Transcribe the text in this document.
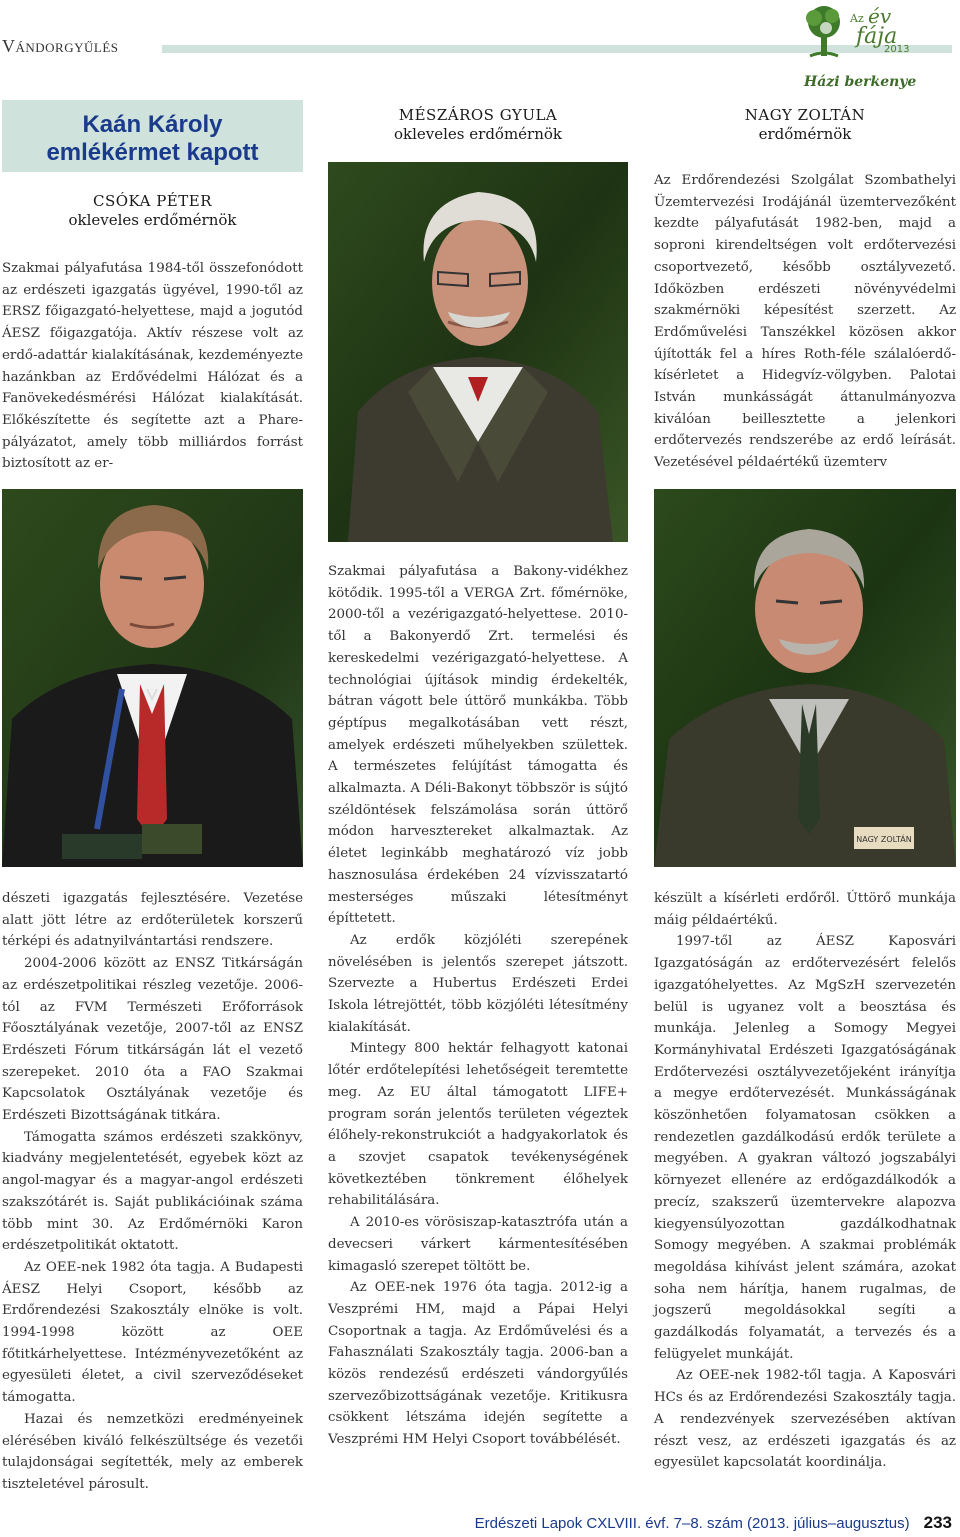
Vándorgyűlés
Az év
fája
2013
Házi berkenye
Kaán Károly
emlékérmet kapott
CSÓKA PÉTER
okleveles erdőmérnök

Szakmai pályafutása 1984-től összefonódott az erdészeti igazgatás ügyével, 1990-től az ERSZ főigazgató-helyettese, majd a jogutód ÁESZ főigazgatója. Aktív részese volt az erdő-adattár kialakításának, kezdeményezte hazánkban az Erdővédelmi Hálózat és a Fanövekedésmérési Hálózat kialakítását. Előkészítette és segítette azt a Phare-pályázatot, amely több milliárdos forrást biztosított az er-

MÉSZÁROS GYULA
okleveles erdőmérnök
NAGY ZOLTÁN
erdőmérnök

Az Erdőrendezési Szolgálat Szombathelyi Üzemtervezési Irodájánál üzemtervezőként kezdte pályafutását 1982-ben, majd a soproni kirendeltségen volt erdőtervezési csoportvezető, később osztályvezető. Időközben erdészeti növényvédelmi szakmérnöki képesítést szerzett. Az Erdőművelési Tanszékkel közösen akkor újították fel a híres Roth-féle szálalóerdő-kísérletet a Hidegvíz-völgyben. Palotai István munkásságát áttanulmányozva kiválóan beillesztette a jelenkori erdőtervezés rendszerébe az erdő leírását. Vezetésével példaértékű üzemterv

NAGY ZOLTÁN

dészeti igazgatás fejlesztésére. Vezetése alatt jött létre az erdőterületek korszerű térképi és adatnyilvántartási rendszere.

2004-2006 között az ENSZ Titkárságán az erdészetpolitikai részleg vezetője. 2006-tól az FVM Természeti Erőforrások Főosztályának vezetője, 2007-től az ENSZ Erdészeti Fórum titkárságán lát el vezető szerepeket. 2010 óta a FAO Szakmai Kapcsolatok Osztályának vezetője és Erdészeti Bizottságának titkára.

Támogatta számos erdészeti szakkönyv, kiadvány megjelentetését, egyebek közt az angol-magyar és a magyar-angol erdészeti szakszótárét is. Saját publikációinak száma több mint 30. Az Erdőmérnöki Karon erdészetpolitikát oktatott.

Az OEE-nek 1982 óta tagja. A Budapesti ÁESZ Helyi Csoport, később az Erdőrendezési Szakosztály elnöke is volt. 1994-1998 között az OEE főtitkárhelyettese. Intézményvezetőként az egyesületi életet, a civil szerveződéseket támogatta.

Hazai és nemzetközi eredményeinek elérésében kiváló felkészültsége és vezetői tulajdonságai segítették, mely az emberek tiszteletével párosult.

Szakmai pályafutása a Bakony-vidékhez kötődik. 1995-től a VERGA Zrt. főmérnöke, 2000-től a vezérigazgató-helyettese. 2010-től a Bakonyerdő Zrt. termelési és kereskedelmi vezérigazgató-helyettese. A technológiai újítások mindig érdekelték, bátran vágott bele úttörő munkákba. Több géptípus megalkotásában vett részt, amelyek erdészeti műhelyekben születtek. A természetes felújítást támogatta és alkalmazta. A Déli-Bakonyt többször is sújtó széldöntések felszámolása során úttörő módon harvesztereket alkalmaztak. Az életet leginkább meghatározó víz jobb hasznosulása érdekében 24 vízvisszatartó mesterséges műszaki létesítményt építtetett.

Az erdők közjóléti szerepének növelésében is jelentős szerepet játszott. Szervezte a Hubertus Erdészeti Erdei Iskola létrejöttét, több közjóléti létesítmény kialakítását.

Mintegy 800 hektár felhagyott katonai lőtér erdőtelepítési lehetőségeit teremtette meg. Az EU által támogatott LIFE+ program során jelentős területen végeztek élőhely-rekonstrukciót a hadgyakorlatok és a szovjet csapatok tevékenységének következtében tönkrement élőhelyek rehabilitálására.

A 2010-es vörösiszap-katasztrófa után a devecseri várkert kármentesítésében kimagasló szerepet töltött be.

Az OEE-nek 1976 óta tagja. 2012-ig a Veszprémi HM, majd a Pápai Helyi Csoportnak a tagja. Az Erdőművelési és a Fahasználati Szakosztály tagja. 2006-ban a közös rendezésű erdészeti vándorgyűlés szervezőbizottságának vezetője. Kritikusra csökkent létszáma idején segítette a Veszprémi HM Helyi Csoport továbbélését.

készült a kísérleti erdőről. Úttörő munkája máig példaértékű.

1997-től az ÁESZ Kaposvári Igazgatóságán az erdőtervezésért felelős igazgatóhelyettes. Az MgSzH szervezetén belül is ugyanez volt a beosztása és munkája. Jelenleg a Somogy Megyei Kormányhivatal Erdészeti Igazgatóságának Erdőtervezési osztályvezetőjeként irányítja a megye erdőtervezését. Munkásságának köszönhetően folyamatosan csökken a rendezetlen gazdálkodású erdők területe a megyében. A gyakran változó jogszabályi környezet ellenére az erdőgazdálkodók a precíz, szakszerű üzemtervekre alapozva kiegyensúlyozottan gazdálkodhatnak Somogy megyében. A szakmai problémák megoldása kihívást jelent számára, azokat soha nem hárítja, hanem rugalmas, de jogszerű megoldásokkal segíti a gazdálkodás folyamatát, a tervezés és a felügyelet munkáját.

Az OEE-nek 1982-től tagja. A Kaposvári HCs és az Erdőrendezési Szakosztály tagja. A rendezvények szervezésében aktívan részt vesz, az erdészeti igazgatás és az egyesület kapcsolatát koordinálja.

Erdészeti Lapok CXLVIII. évf. 7–8. szám (2013. július–augusztus) 233
